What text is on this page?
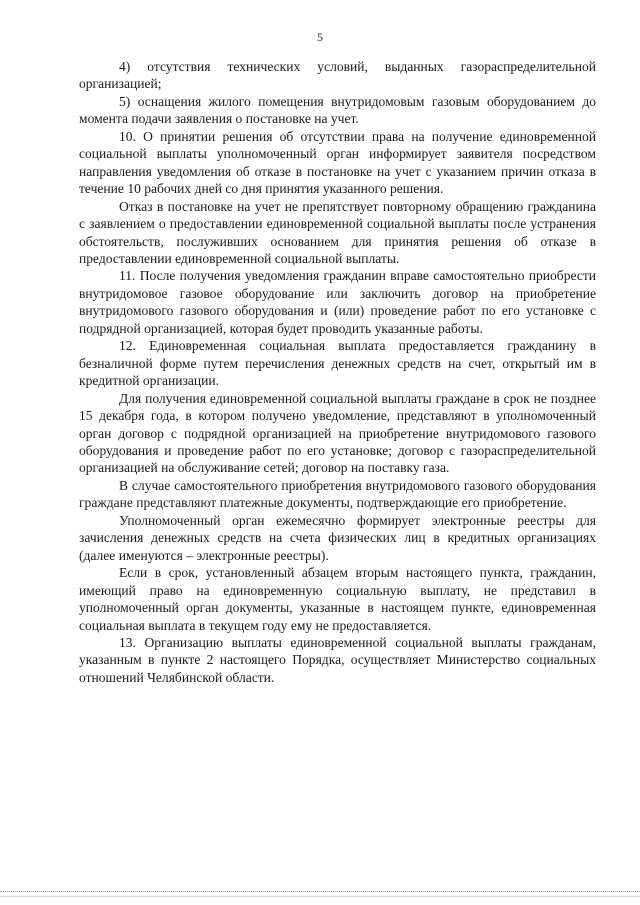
5

4) отсутствия технических условий, выданных газораспределительной организацией;

5) оснащения жилого помещения внутридомовым газовым оборудованием до момента подачи заявления о постановке на учет.

10. О принятии решения об отсутствии права на получение единовременной социальной выплаты уполномоченный орган информирует заявителя посредством направления уведомления об отказе в постановке на учет с указанием причин отказа в течение 10 рабочих дней со дня принятия указанного решения.

Отказ в постановке на учет не препятствует повторному обращению гражданина с заявлением о предоставлении единовременной социальной выплаты после устранения обстоятельств, послуживших основанием для принятия решения об отказе в предоставлении единовременной социальной выплаты.

11. После получения уведомления гражданин вправе самостоятельно приобрести внутридомовое газовое оборудование или заключить договор на приобретение внутридомового газового оборудования и (или) проведение работ по его установке с подрядной организацией, которая будет проводить указанные работы.

12. Единовременная социальная выплата предоставляется гражданину в безналичной форме путем перечисления денежных средств на счет, открытый им в кредитной организации.

Для получения единовременной социальной выплаты граждане в срок не позднее 15 декабря года, в котором получено уведомление, представляют в уполномоченный орган договор с подрядной организацией на приобретение внутридомового газового оборудования и проведение работ по его установке; договор с газораспределительной организацией на обслуживание сетей; договор на поставку газа.

В случае самостоятельного приобретения внутридомового газового оборудования граждане представляют платежные документы, подтверждающие его приобретение.

Уполномоченный орган ежемесячно формирует электронные реестры для зачисления денежных средств на счета физических лиц в кредитных организациях (далее именуются – электронные реестры).

Если в срок, установленный абзацем вторым настоящего пункта, гражданин, имеющий право на единовременную социальную выплату, не представил в уполномоченный орган документы, указанные в настоящем пункте, единовременная социальная выплата в текущем году ему не предоставляется.

13. Организацию выплаты единовременной социальной выплаты гражданам, указанным в пункте 2 настоящего Порядка, осуществляет Министерство социальных отношений Челябинской области.
